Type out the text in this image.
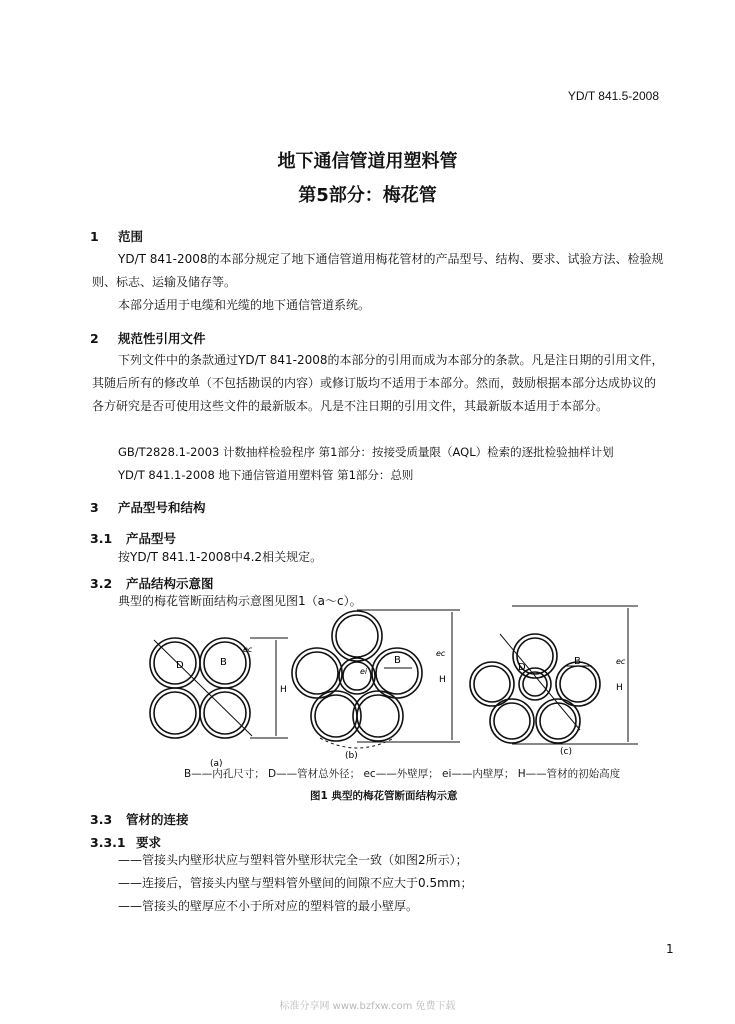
YD/T 841.5-2008
地下通信管道用塑料管
第5部分：梅花管
1 范围
YD/T 841-2008的本部分规定了地下通信管道用梅花管材的产品型号、结构、要求、试验方法、检验规则、标志、运输及储存等。
本部分适用于电缆和光缆的地下通信管道系统。
2 规范性引用文件
下列文件中的条款通过YD/T 841-2008的本部分的引用而成为本部分的条款。凡是注日期的引用文件，其随后所有的修改单（不包括勘误的内容）或修订版均不适用于本部分。然而，鼓励根据本部分达成协议的各方研究是否可使用这些文件的最新版本。凡是不注日期的引用文件，其最新版本适用于本部分。
GB/T2828.1-2003 计数抽样检验程序 第1部分：按接受质量限（AQL）检索的逐批检验抽样计划
YD/T 841.1-2008 地下通信管道用塑料管 第1部分：总则
3 产品型号和结构
3.1 产品型号
按YD/T 841.1-2008中4.2相关规定。
3.2 产品结构示意图
典型的梅花管断面结构示意图见图1（a～c）。
D	B
ec
H
B
ec
ei
H
D
B	ec
H
(a)
(b)	(c)
B——内孔尺寸； D——管材总外径； ec——外壁厚； ei——内壁厚； H——管材的初始高度
图1 典型的梅花管断面结构示意
3.3 管材的连接
3.3.1 要求
——管接头内壁形状应与塑料管外壁形状完全一致（如图2所示）；
——连接后，管接头内壁与塑料管外壁间的间隙不应大于0.5mm；
——管接头的壁厚应不小于所对应的塑料管的最小壁厚。
1
标准分享网 www.bzfxw.com 免费下载
